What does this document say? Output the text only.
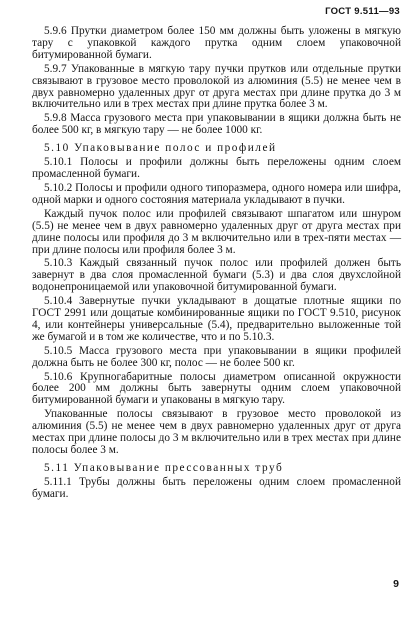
ГОСТ 9.511—93
5.9.6 Прутки диаметром более 150 мм должны быть уложены в мягкую тару с упаковкой каждого прутка одним слоем упаковочной битумированной бумаги.
5.9.7 Упакованные в мягкую тару пучки прутков или отдельные прутки связывают в грузовое место проволокой из алюминия (5.5) не менее чем в двух равномерно удаленных друг от друга местах при длине прутка до 3 м включительно или в трех местах при длине прутка более 3 м.
5.9.8 Масса грузового места при упаковывании в ящики должна быть не более 500 кг, в мягкую тару — не более 1000 кг.
5.10 Упаковывание полос и профилей
5.10.1 Полосы и профили должны быть переложены одним слоем промасленной бумаги.
5.10.2 Полосы и профили одного типоразмера, одного номера или шифра, одной марки и одного состояния материала укладывают в пучки.
Каждый пучок полос или профилей связывают шпагатом или шнуром (5.5) не менее чем в двух равномерно удаленных друг от друга местах при длине полосы или профиля до 3 м включительно или в трех-пяти местах — при длине полосы или профиля более 3 м.
5.10.3 Каждый связанный пучок полос или профилей должен быть завернут в два слоя промасленной бумаги (5.3) и два слоя двухслойной водонепроницаемой или упаковочной битумированной бумаги.
5.10.4 Завернутые пучки укладывают в дощатые плотные ящики по ГОСТ 2991 или дощатые комбинированные ящики по ГОСТ 9.510, рисунок 4, или контейнеры универсальные (5.4), предварительно выложенные той же бумагой и в том же количестве, что и по 5.10.3.
5.10.5 Масса грузового места при упаковывании в ящики профилей должна быть не более 300 кг, полос — не более 500 кг.
5.10.6 Крупногабаритные полосы диаметром описанной окружности более 200 мм должны быть завернуты одним слоем упаковочной битумированной бумаги и упакованы в мягкую тару.
Упакованные полосы связывают в грузовое место проволокой из алюминия (5.5) не менее чем в двух равномерно удаленных друг от друга местах при длине полосы до 3 м включительно или в трех местах при длине полосы более 3 м.
5.11 Упаковывание прессованных труб
5.11.1 Трубы должны быть переложены одним слоем промасленной бумаги.
9
